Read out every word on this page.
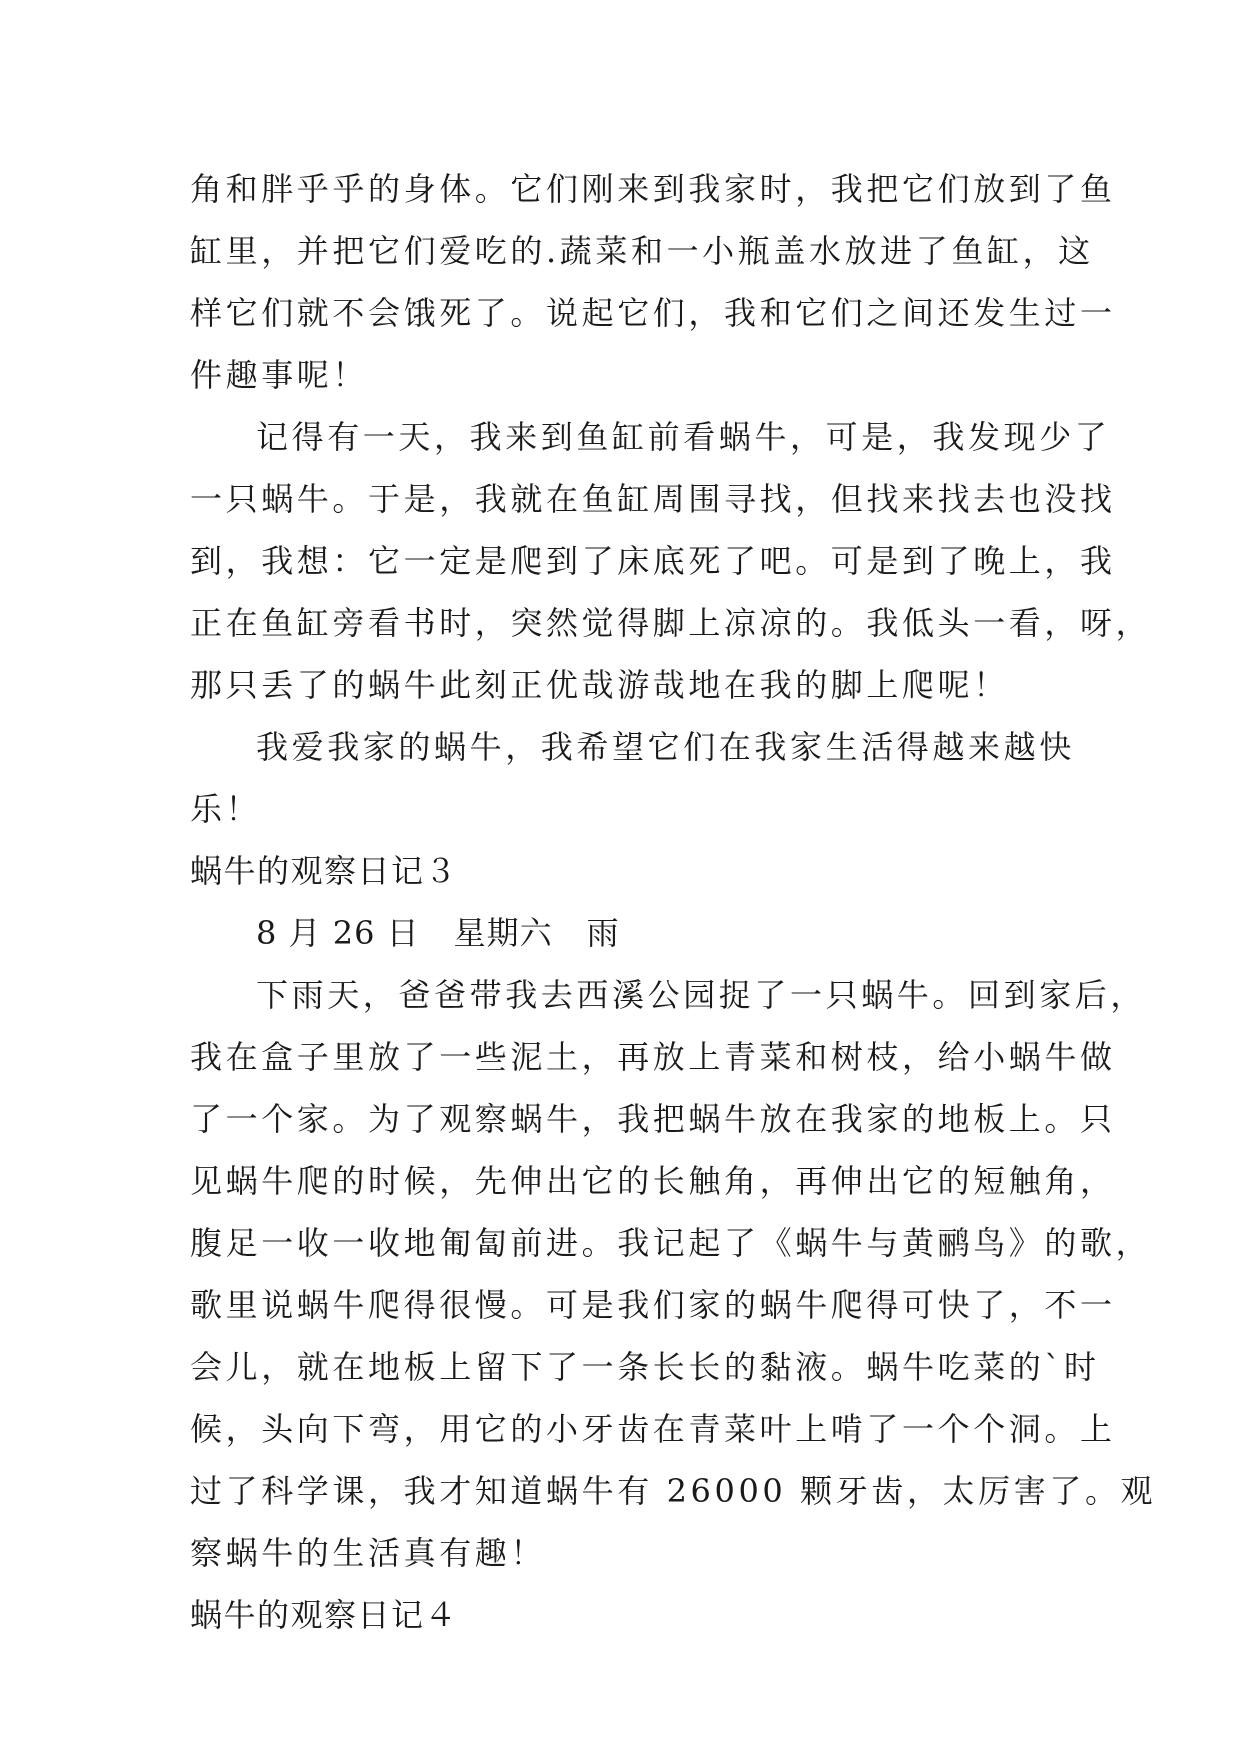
角和胖乎乎的身体。它们刚来到我家时，我把它们放到了鱼
缸里，并把它们爱吃的.蔬菜和一小瓶盖水放进了鱼缸，这
样它们就不会饿死了。说起它们，我和它们之间还发生过一
件趣事呢！
记得有一天，我来到鱼缸前看蜗牛，可是，我发现少了
一只蜗牛。于是，我就在鱼缸周围寻找，但找来找去也没找
到，我想：它一定是爬到了床底死了吧。可是到了晚上，我
正在鱼缸旁看书时，突然觉得脚上凉凉的。我低头一看，呀，
那只丢了的蜗牛此刻正优哉游哉地在我的脚上爬呢！
我爱我家的蜗牛，我希望它们在我家生活得越来越快
乐！
蜗牛的观察日记３
8 月 26 日 星期六 雨
下雨天，爸爸带我去西溪公园捉了一只蜗牛。回到家后，
我在盒子里放了一些泥土，再放上青菜和树枝，给小蜗牛做
了一个家。为了观察蜗牛，我把蜗牛放在我家的地板上。只
见蜗牛爬的时候，先伸出它的长触角，再伸出它的短触角，
腹足一收一收地匍匐前进。我记起了《蜗牛与黄鹂鸟》的歌，
歌里说蜗牛爬得很慢。可是我们家的蜗牛爬得可快了，不一
会儿，就在地板上留下了一条长长的黏液。蜗牛吃菜的`时
候，头向下弯，用它的小牙齿在青菜叶上啃了一个个洞。上
过了科学课，我才知道蜗牛有 26000 颗牙齿，太厉害了。观
察蜗牛的生活真有趣！
蜗牛的观察日记４
